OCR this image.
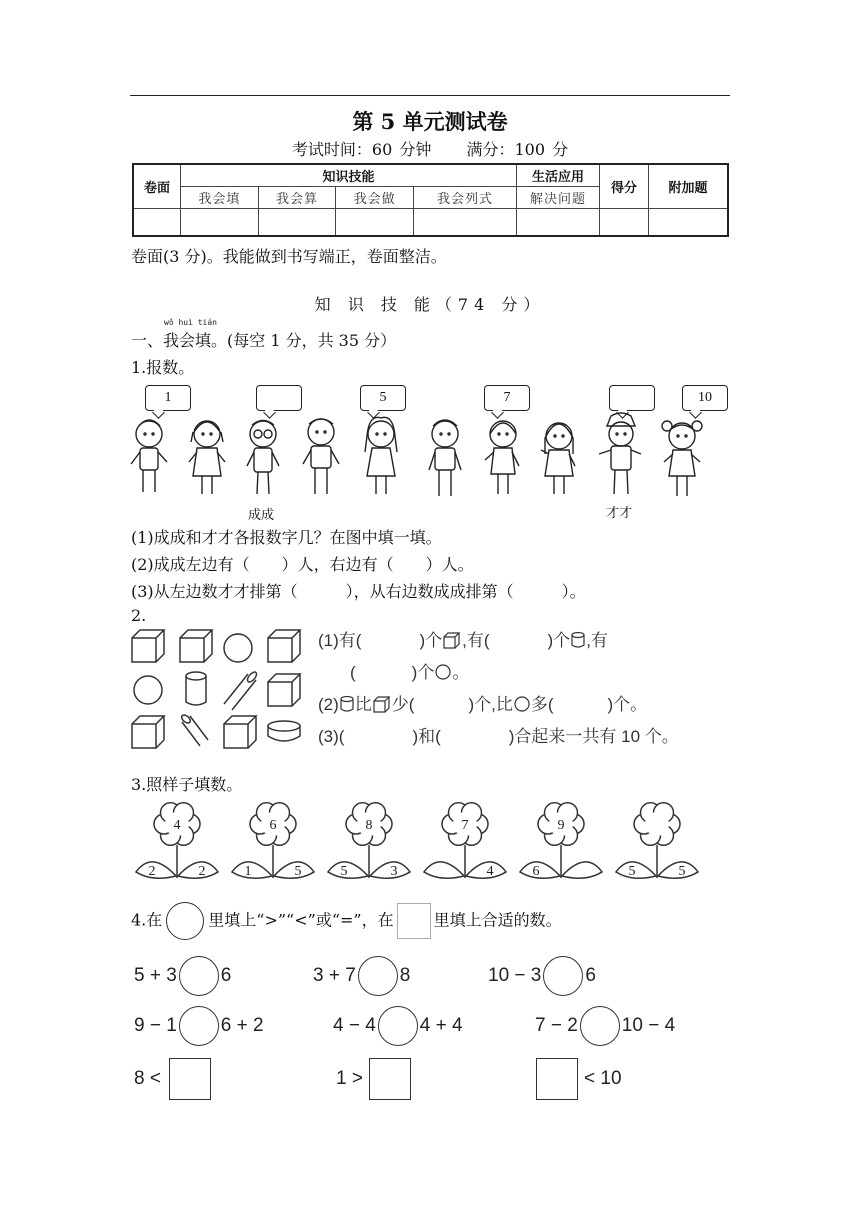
第 5 单元测试卷
考试时间：60 分钟 满分：100 分
卷面	知识技能				生活应用	得分	附加题
	我会填	我会算	我会做	我会列式	解决问题		

卷面(3 分)。我能做到书写端正，卷面整洁。
知 识 技 能（74 分）
wǒ huì tián
一、我会填。(每空 1 分，共 35 分）
1.报数。
1	5	7	10
成成	才才
(1)成成和才才各报数字几？在图中填一填。
(2)成成左边有（　　）人，右边有（　　）人。
(3)从左边数才才排第（　　　），从右边数成成排第（　　　）。
2.
(1)有(	)个 ,有(	)个 ,有
(	)个 。
(2) 比 少(	)个,比 多(	)个。
(3)(　　　　)和(　　　　)合起来一共有 10 个。
3.照样子填数。
4
2	2
6
1	5
8
5	3
7
4
9
6	5	5
4.在	里填上“>”“<”或“=”，在	里填上合适的数。
5 + 3 6	3 + 7 8	10 − 3 6
9 − 1 6 + 2	4 − 4 4 + 4	7 − 2 10 − 4
8 <	1 >	< 10
